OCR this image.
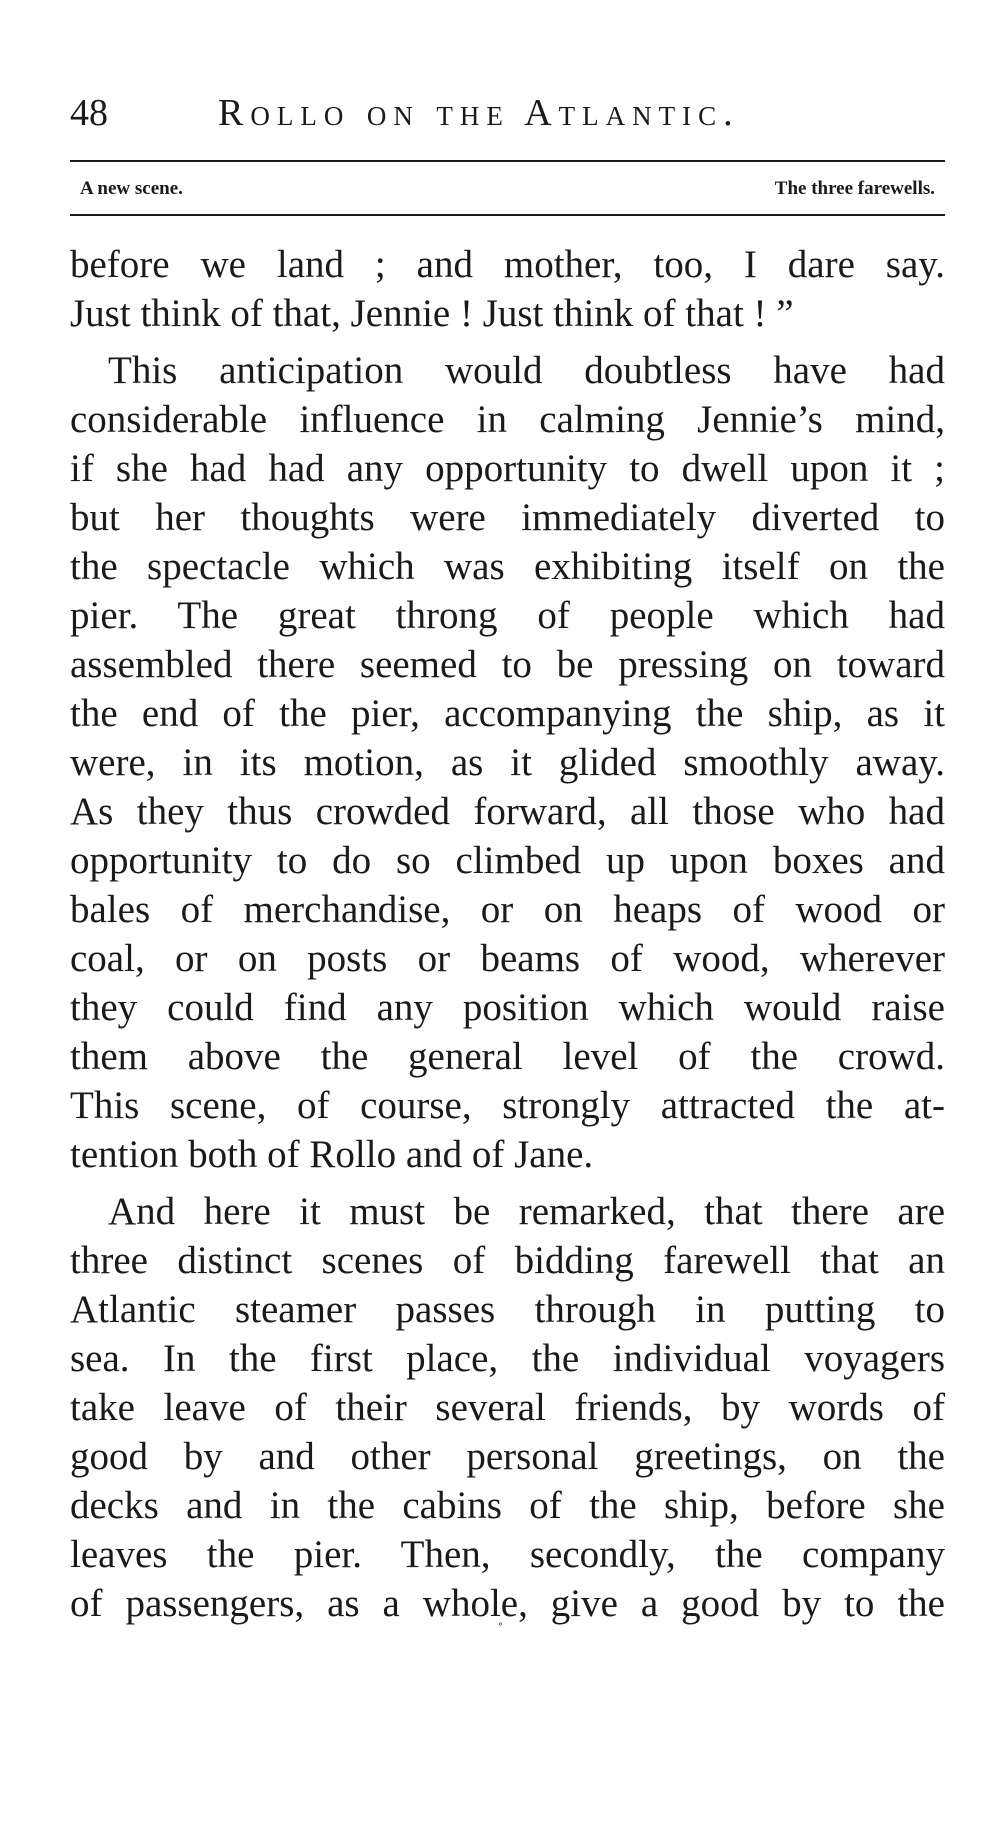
48	Rollo on the Atlantic.
A new scene.	The three farewells.
before we land ; and mother, too, I dare say.
Just think of that, Jennie ! Just think of that ! ”
This anticipation would doubtless have had
considerable influence in calming Jennie’s mind,
if she had had any opportunity to dwell upon it ;
but her thoughts were immediately diverted to
the spectacle which was exhibiting itself on the
pier. The great throng of people which had
assembled there seemed to be pressing on toward
the end of the pier, accompanying the ship, as it
were, in its motion, as it glided smoothly away.
As they thus crowded forward, all those who had
opportunity to do so climbed up upon boxes and
bales of merchandise, or on heaps of wood or
coal, or on posts or beams of wood, wherever
they could find any position which would raise
them above the general level of the crowd.
This scene, of course, strongly attracted the at-
tention both of Rollo and of Jane.
And here it must be remarked, that there are
three distinct scenes of bidding farewell that an
Atlantic steamer passes through in putting to
sea. In the first place, the individual voyagers
take leave of their several friends, by words of
good by and other personal greetings, on the
decks and in the cabins of the ship, before she
leaves the pier. Then, secondly, the company
of passengers, as a whole, give a good by to the
°
